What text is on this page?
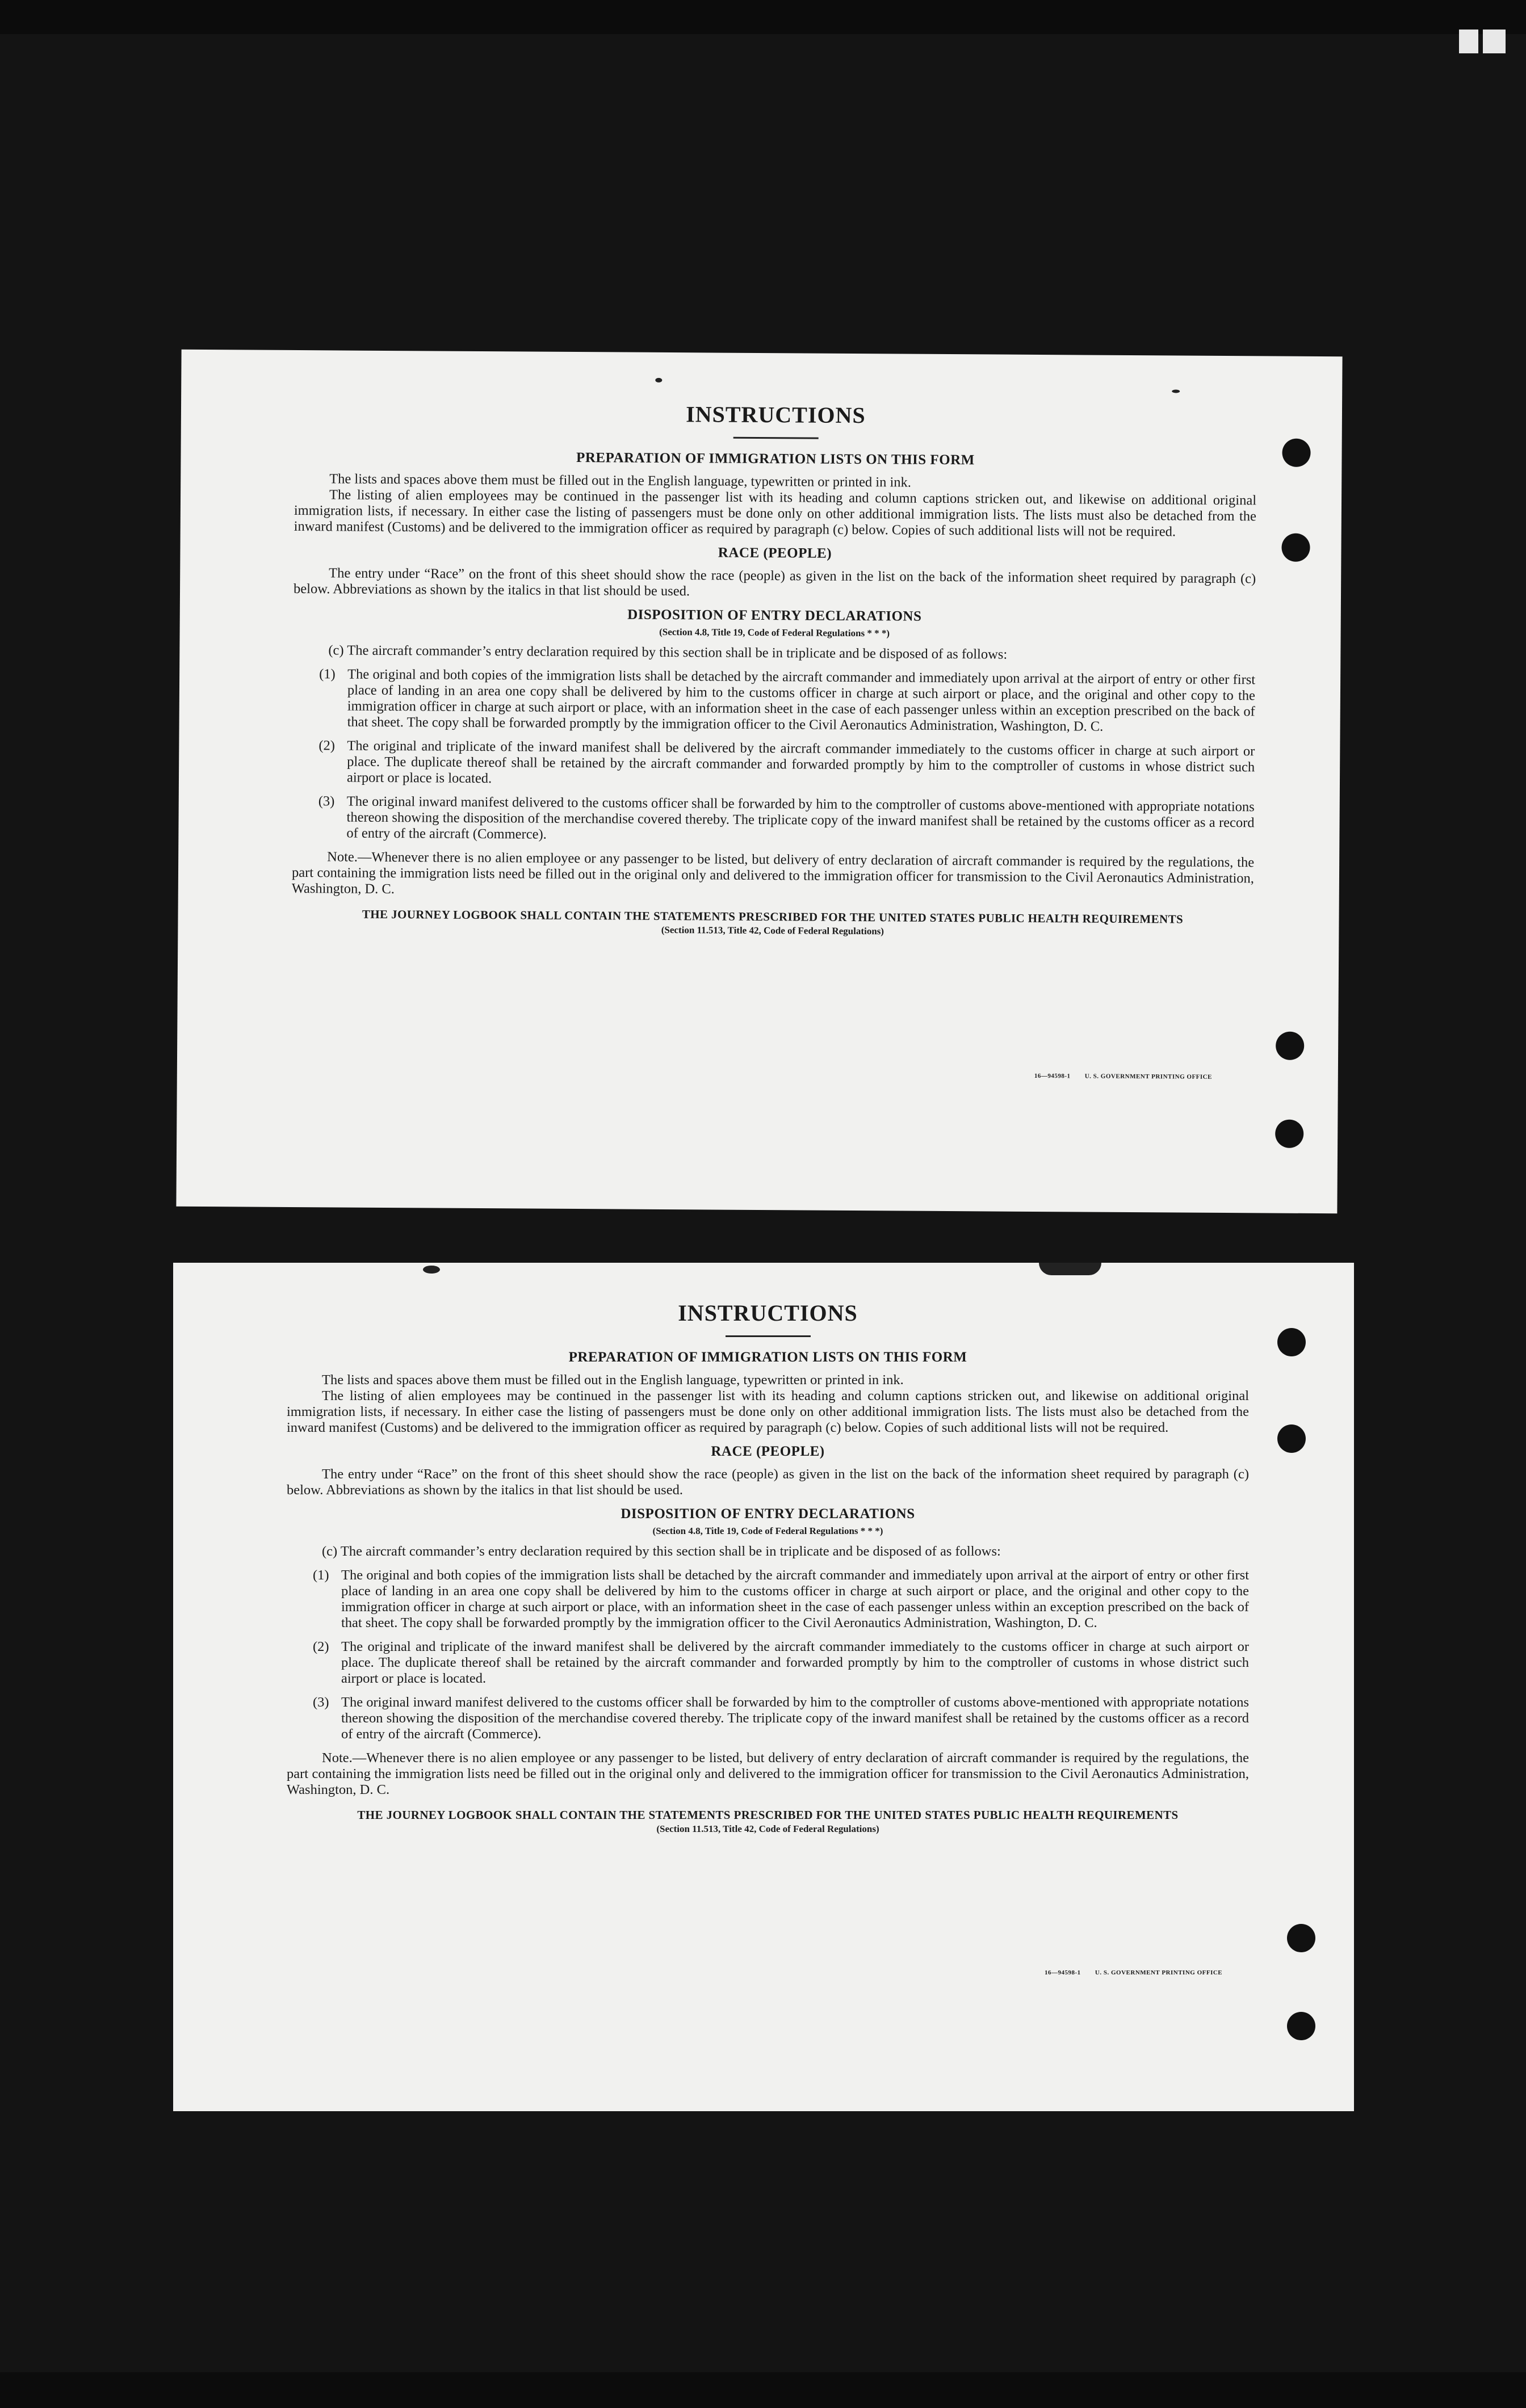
INSTRUCTIONS
PREPARATION OF IMMIGRATION LISTS ON THIS FORM

The lists and spaces above them must be filled out in the English language, typewritten or printed in ink.

The listing of alien employees may be continued in the passenger list with its heading and column captions stricken out, and likewise on additional original immigration lists, if necessary. In either case the listing of passengers must be done only on other additional immigration lists. The lists must also be detached from the inward manifest (Customs) and be delivered to the immigration officer as required by paragraph (c) below. Copies of such additional lists will not be required.

RACE (PEOPLE)

The entry under “Race” on the front of this sheet should show the race (people) as given in the list on the back of the information sheet required by paragraph (c) below. Abbreviations as shown by the italics in that list should be used.

DISPOSITION OF ENTRY DECLARATIONS
(Section 4.8, Title 19, Code of Federal Regulations * * *)

(c) The aircraft commander’s entry declaration required by this section shall be in triplicate and be disposed of as follows:

(1) The original and both copies of the immigration lists shall be detached by the aircraft commander and immediately upon arrival at the airport of entry or other first place of landing in an area one copy shall be delivered by him to the customs officer in charge at such airport or place, and the original and other copy to the immigration officer in charge at such airport or place, with an information sheet in the case of each passenger unless within an exception prescribed on the back of that sheet. The copy shall be forwarded promptly by the immigration officer to the Civil Aeronautics Administration, Washington, D. C.
(2) The original and triplicate of the inward manifest shall be delivered by the aircraft commander immediately to the customs officer in charge at such airport or place. The duplicate thereof shall be retained by the aircraft commander and forwarded promptly by him to the comptroller of customs in whose district such airport or place is located.
(3) The original inward manifest delivered to the customs officer shall be forwarded by him to the comptroller of customs above-mentioned with appropriate notations thereon showing the disposition of the merchandise covered thereby. The triplicate copy of the inward manifest shall be retained by the customs officer as a record of entry of the aircraft (Commerce).

Note.—Whenever there is no alien employee or any passenger to be listed, but delivery of entry declaration of aircraft commander is required by the regulations, the part containing the immigration lists need be filled out in the original only and delivered to the immigration officer for transmission to the Civil Aeronautics Administration, Washington, D. C.

THE JOURNEY LOGBOOK SHALL CONTAIN THE STATEMENTS PRESCRIBED FOR THE UNITED STATES PUBLIC HEALTH REQUIREMENTS
(Section 11.513, Title 42, Code of Federal Regulations)
16—94598-1 U. S. GOVERNMENT PRINTING OFFICE
INSTRUCTIONS
PREPARATION OF IMMIGRATION LISTS ON THIS FORM

The lists and spaces above them must be filled out in the English language, typewritten or printed in ink.

The listing of alien employees may be continued in the passenger list with its heading and column captions stricken out, and likewise on additional original immigration lists, if necessary. In either case the listing of passengers must be done only on other additional immigration lists. The lists must also be detached from the inward manifest (Customs) and be delivered to the immigration officer as required by paragraph (c) below. Copies of such additional lists will not be required.

RACE (PEOPLE)

The entry under “Race” on the front of this sheet should show the race (people) as given in the list on the back of the information sheet required by paragraph (c) below. Abbreviations as shown by the italics in that list should be used.

DISPOSITION OF ENTRY DECLARATIONS
(Section 4.8, Title 19, Code of Federal Regulations * * *)

(c) The aircraft commander’s entry declaration required by this section shall be in triplicate and be disposed of as follows:

(1) The original and both copies of the immigration lists shall be detached by the aircraft commander and immediately upon arrival at the airport of entry or other first place of landing in an area one copy shall be delivered by him to the customs officer in charge at such airport or place, and the original and other copy to the immigration officer in charge at such airport or place, with an information sheet in the case of each passenger unless within an exception prescribed on the back of that sheet. The copy shall be forwarded promptly by the immigration officer to the Civil Aeronautics Administration, Washington, D. C.
(2) The original and triplicate of the inward manifest shall be delivered by the aircraft commander immediately to the customs officer in charge at such airport or place. The duplicate thereof shall be retained by the aircraft commander and forwarded promptly by him to the comptroller of customs in whose district such airport or place is located.
(3) The original inward manifest delivered to the customs officer shall be forwarded by him to the comptroller of customs above-mentioned with appropriate notations thereon showing the disposition of the merchandise covered thereby. The triplicate copy of the inward manifest shall be retained by the customs officer as a record of entry of the aircraft (Commerce).

Note.—Whenever there is no alien employee or any passenger to be listed, but delivery of entry declaration of aircraft commander is required by the regulations, the part containing the immigration lists need be filled out in the original only and delivered to the immigration officer for transmission to the Civil Aeronautics Administration, Washington, D. C.

THE JOURNEY LOGBOOK SHALL CONTAIN THE STATEMENTS PRESCRIBED FOR THE UNITED STATES PUBLIC HEALTH REQUIREMENTS
(Section 11.513, Title 42, Code of Federal Regulations)
16—94598-1 U. S. GOVERNMENT PRINTING OFFICE
